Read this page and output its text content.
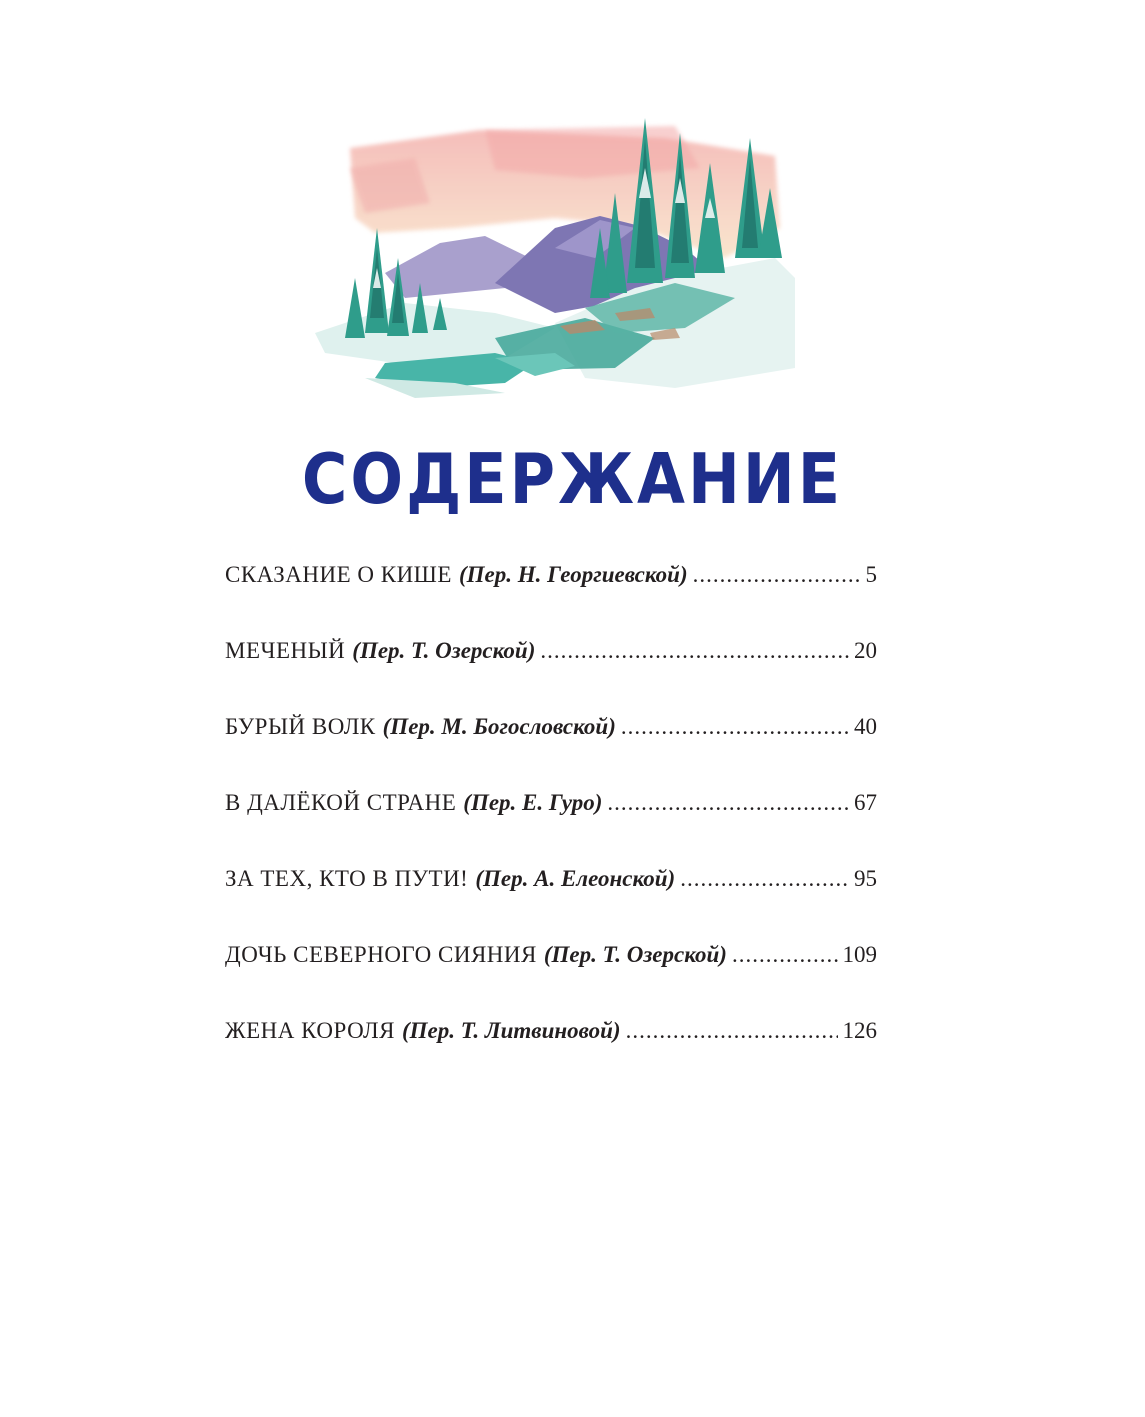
СОДЕРЖАНИЕ
СКАЗАНИЕ О КИШЕ (Пер. Н. Георгиевской) .....	5
МЕЧЕНЫЙ (Пер. Т. Озерской) .....	20
БУРЫЙ ВОЛК (Пер. М. Богословской) .....	40
В ДАЛЁКОЙ СТРАНЕ (Пер. Е. Гуро) .....	67
ЗА ТЕХ, КТО В ПУТИ! (Пер. А. Елеонской) .....	95
ДОЧЬ СЕВЕРНОГО СИЯНИЯ (Пер. Т. Озерской) .....	109
ЖЕНА КОРОЛЯ (Пер. Т. Литвиновой) .....	126
